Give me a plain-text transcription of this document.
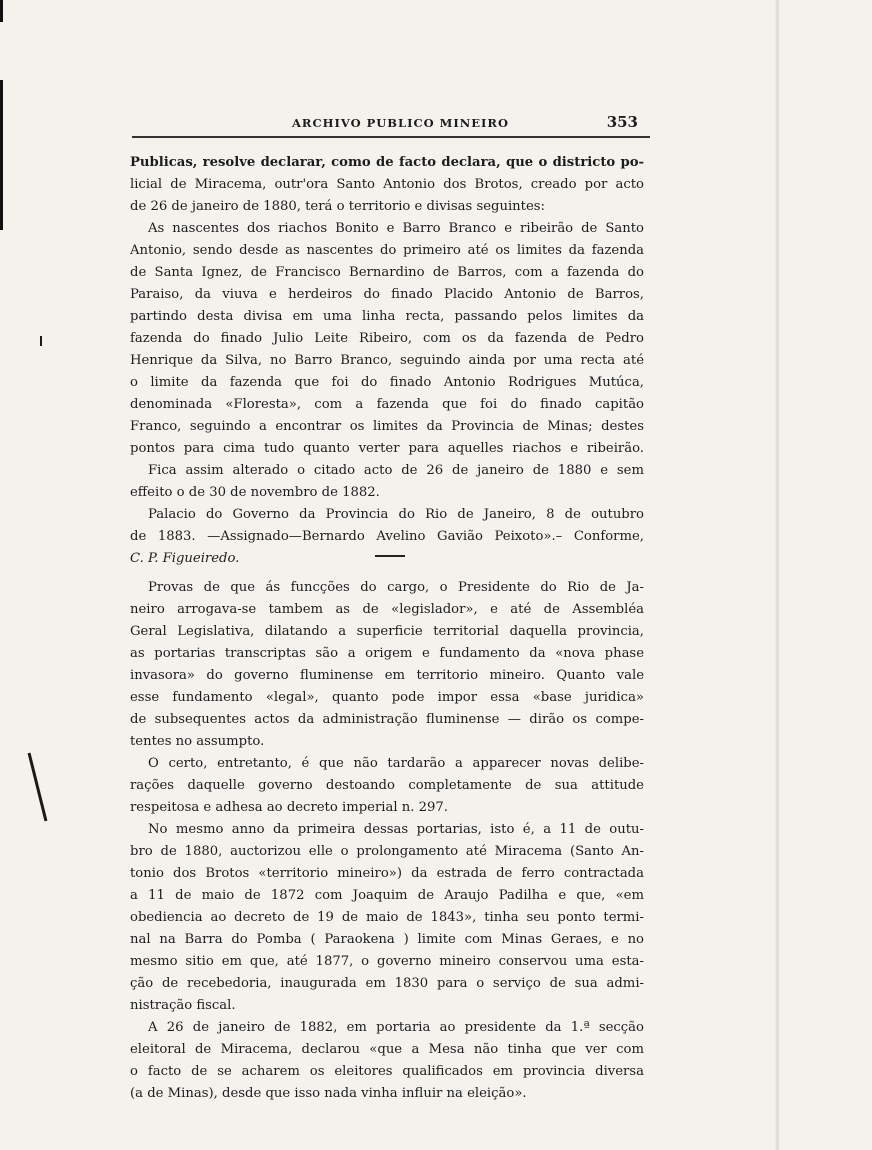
ARCHIVO PUBLICO MINEIRO	353
Publicas, resolve declarar, como de facto declara, que o districto po-
licial de Miracema, outr'ora Santo Antonio dos Brotos, creado por acto
de 26 de janeiro de 1880, terá o territorio e divisas seguintes:
As nascentes dos riachos Bonito e Barro Branco e ribeirão de Santo
Antonio, sendo desde as nascentes do primeiro até os limites da fazenda
de Santa Ignez, de Francisco Bernardino de Barros, com a fazenda do
Paraiso, da viuva e herdeiros do finado Placido Antonio de Barros,
partindo desta divisa em uma linha recta, passando pelos limites da
fazenda do finado Julio Leite Ribeiro, com os da fazenda de Pedro
Henrique da Silva, no Barro Branco, seguindo ainda por uma recta até
o limite da fazenda que foi do finado Antonio Rodrigues Mutúca,
denominada «Floresta», com a fazenda que foi do finado capitão
Franco, seguindo a encontrar os limites da Provincia de Minas; destes
pontos para cima tudo quanto verter para aquelles riachos e ribeirão.
Fica assim alterado o citado acto de 26 de janeiro de 1880 e sem
effeito o de 30 de novembro de 1882.
Palacio do Governo da Provincia do Rio de Janeiro, 8 de outubro
de 1883. —Assignado—Bernardo Avelino Gavião Peixoto».– Conforme,
C. P. Figueiredo.
Provas de que ás funcções do cargo, o Presidente do Rio de Ja-
neiro arrogava-se tambem as de «legislador», e até de Assembléa
Geral Legislativa, dilatando a superficie territorial daquella provincia,
as portarias transcriptas são a origem e fundamento da «nova phase
invasora» do governo fluminense em territorio mineiro. Quanto vale
esse fundamento «legal», quanto pode impor essa «base juridica»
de subsequentes actos da administração fluminense — dirão os compe-
tentes no assumpto.
O certo, entretanto, é que não tardarão a apparecer novas delibe-
rações daquelle governo destoando completamente de sua attitude
respeitosa e adhesa ao decreto imperial n. 297.
No mesmo anno da primeira dessas portarias, isto é, a 11 de outu-
bro de 1880, auctorizou elle o prolongamento até Miracema (Santo An-
tonio dos Brotos «territorio mineiro») da estrada de ferro contractada
a 11 de maio de 1872 com Joaquim de Araujo Padilha e que, «em
obediencia ao decreto de 19 de maio de 1843», tinha seu ponto termi-
nal na Barra do Pomba ( Paraokena ) limite com Minas Geraes, e no
mesmo sitio em que, até 1877, o governo mineiro conservou uma esta-
ção de recebedoria, inaugurada em 1830 para o serviço de sua admi-
nistração fiscal.
A 26 de janeiro de 1882, em portaria ao presidente da 1.ª secção
eleitoral de Miracema, declarou «que a Mesa não tinha que ver com
o facto de se acharem os eleitores qualificados em provincia diversa
(a de Minas), desde que isso nada vinha influir na eleição».
